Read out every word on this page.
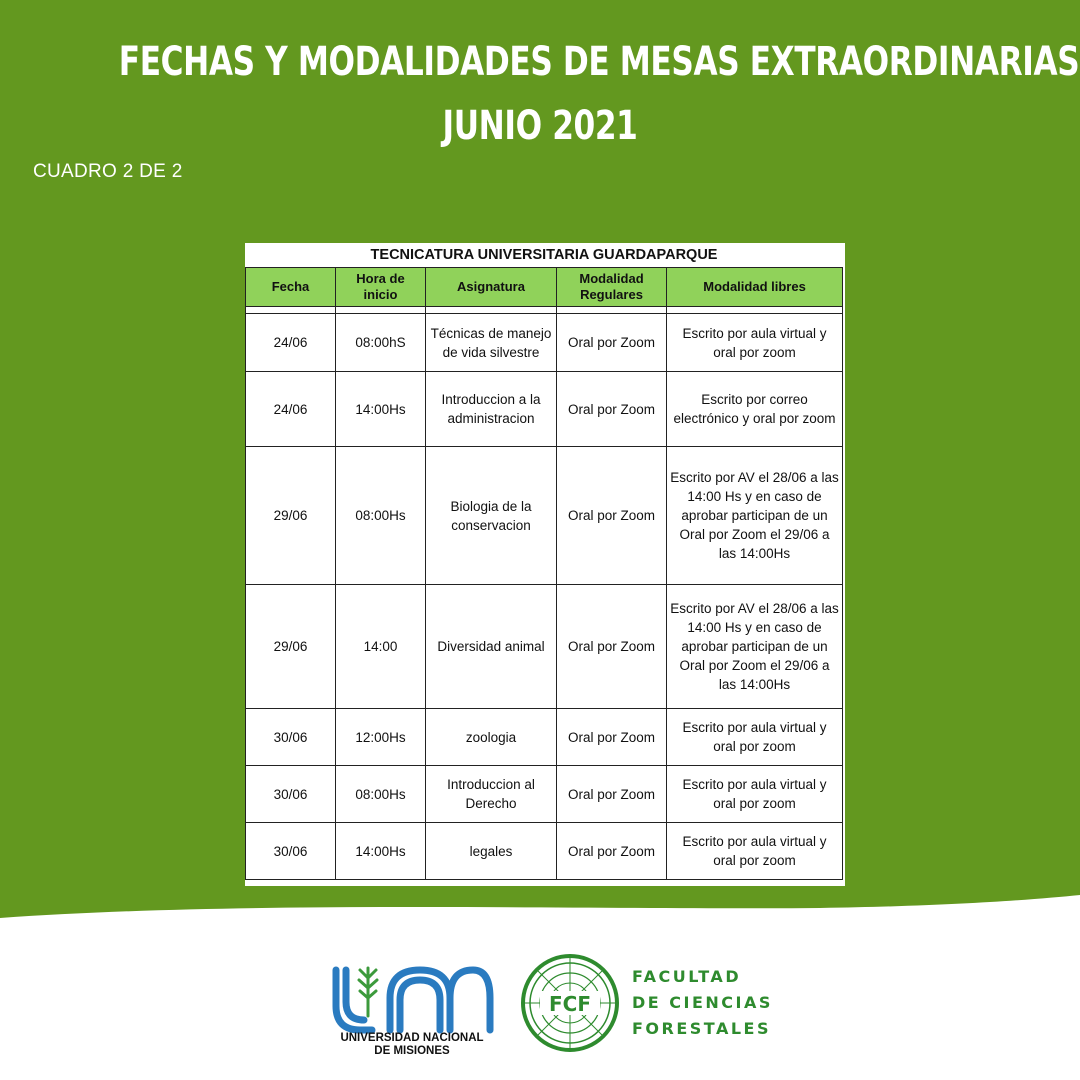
FECHAS Y MODALIDADES DE MESAS EXTRAORDINARIAS
JUNIO 2021
CUADRO 2 DE 2
TECNICATURA UNIVERSITARIA GUARDAPARQUE				
Fecha	Hora de inicio	Asignatura	Modalidad Regulares	Modalidad libres

24/06	08:00hS	Técnicas de manejo de vida silvestre	Oral por Zoom	Escrito por aula virtual y oral por zoom
24/06	14:00Hs	Introduccion a la administracion	Oral por Zoom	Escrito por correo electrónico y oral por zoom
29/06	08:00Hs	Biologia de la conservacion	Oral por Zoom	Escrito por AV el 28/06 a las 14:00 Hs y en caso de aprobar participan de un Oral por Zoom el 29/06 a las 14:00Hs
29/06	14:00	Diversidad animal	Oral por Zoom	Escrito por AV el 28/06 a las 14:00 Hs y en caso de aprobar participan de un Oral por Zoom el 29/06 a las 14:00Hs
30/06	12:00Hs	zoologia	Oral por Zoom	Escrito por aula virtual y oral por zoom
30/06	08:00Hs	Introduccion al Derecho	Oral por Zoom	Escrito por aula virtual y oral por zoom
30/06	14:00Hs	legales	Oral por Zoom	Escrito por aula virtual y oral por zoom
UNIVERSIDAD NACIONAL
DE MISIONES
FCF
FACULTAD
DE CIENCIAS
FORESTALES
